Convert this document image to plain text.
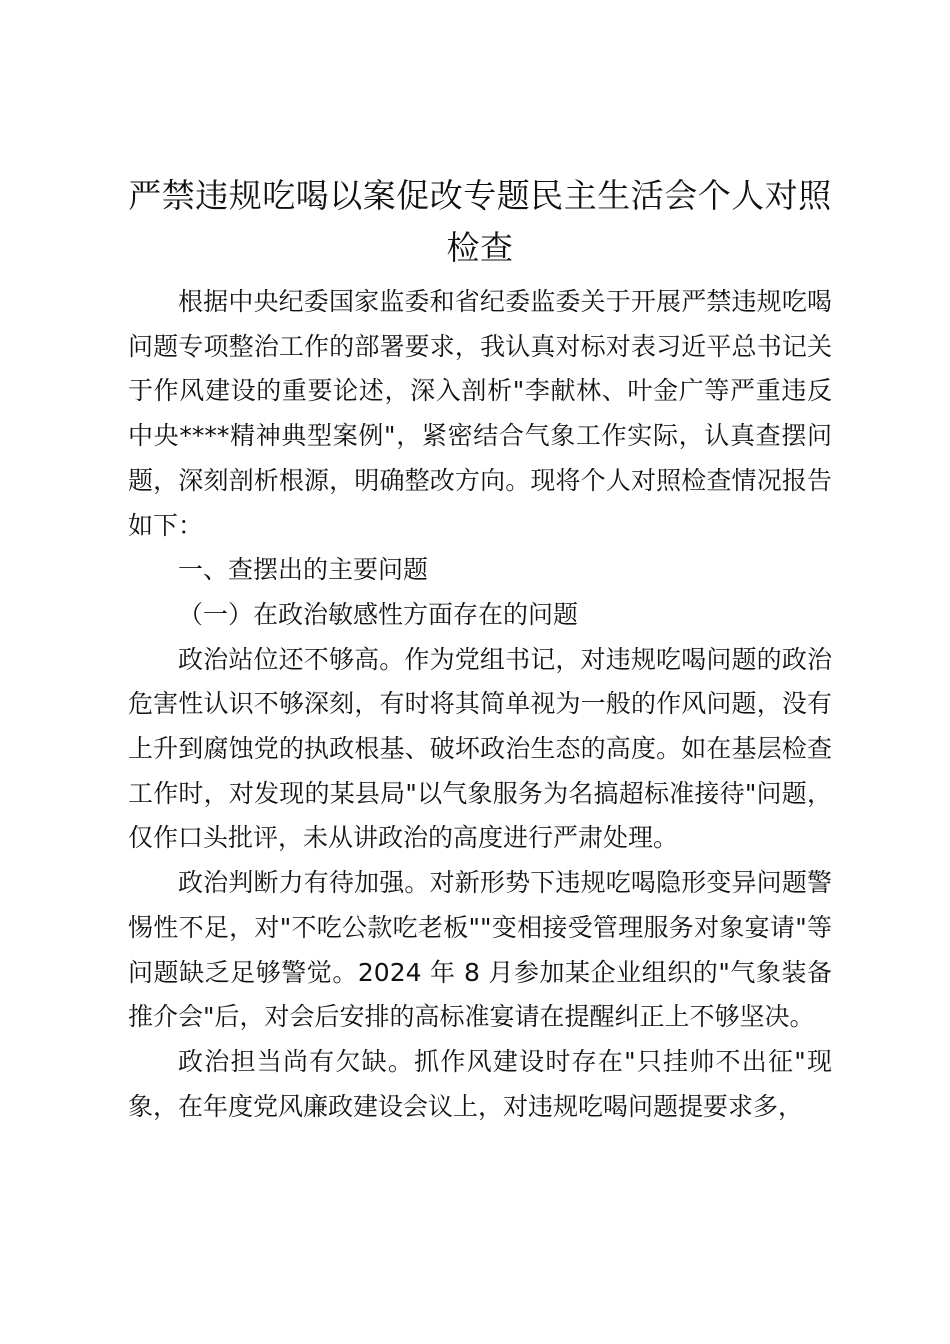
严禁违规吃喝以案促改专题民主生活会个人对照检查

根据中央纪委国家监委和省纪委监委关于开展严禁违规吃喝问题专项整治工作的部署要求，我认真对标对表习近平总书记关于作风建设的重要论述，深入剖析"李献林、叶金广等严重违反中央****精神典型案例"，紧密结合气象工作实际，认真查摆问题，深刻剖析根源，明确整改方向。现将个人对照检查情况报告如下：

一、查摆出的主要问题

（一）在政治敏感性方面存在的问题

政治站位还不够高。作为党组书记，对违规吃喝问题的政治危害性认识不够深刻，有时将其简单视为一般的作风问题，没有上升到腐蚀党的执政根基、破坏政治生态的高度。如在基层检查工作时，对发现的某县局"以气象服务为名搞超标准接待"问题，仅作口头批评，未从讲政治的高度进行严肃处理。

政治判断力有待加强。对新形势下违规吃喝隐形变异问题警惕性不足，对"不吃公款吃老板""变相接受管理服务对象宴请"等问题缺乏足够警觉。2024 年 8 月参加某企业组织的"气象装备推介会"后，对会后安排的高标准宴请在提醒纠正上不够坚决。

政治担当尚有欠缺。抓作风建设时存在"只挂帅不出征"现象，在年度党风廉政建设会议上，对违规吃喝问题提要求多，
